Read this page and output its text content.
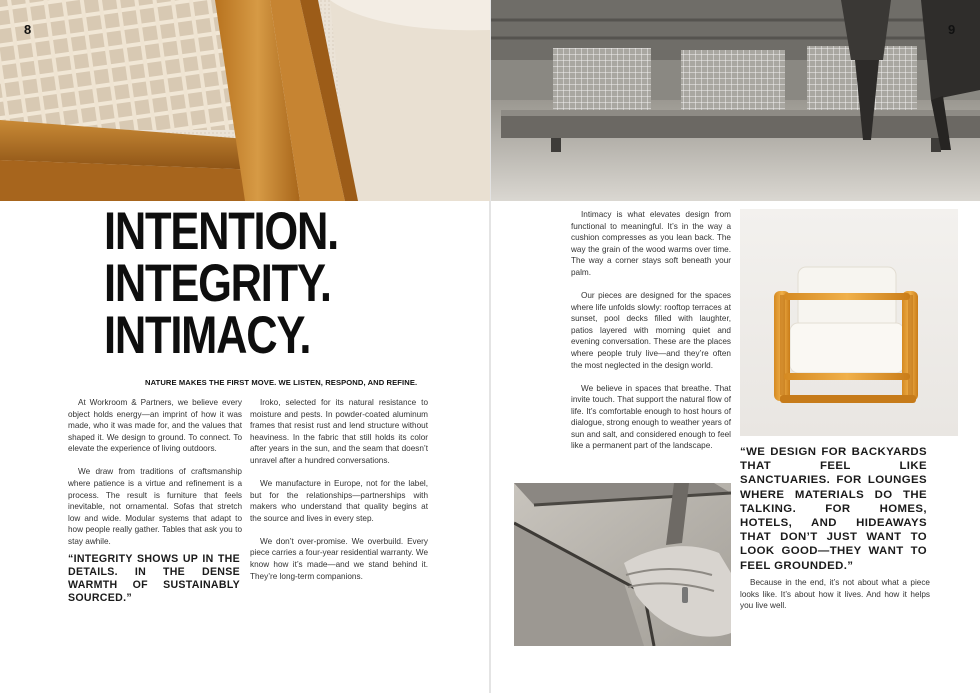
8	9
INTENTION.
INTEGRITY.
INTIMACY.
NATURE MAKES THE FIRST MOVE. WE LISTEN, RESPOND, AND REFINE.

At Workroom & Partners, we believe every object holds energy—an imprint of how it was made, who it was made for, and the values that shaped it. We design to ground. To connect. To elevate the experience of living outdoors.

We draw from traditions of craftsmanship where patience is a virtue and refinement is a process. The result is furniture that feels inevitable, not ornamental. Sofas that stretch low and wide. Modular systems that adapt to how people really gather. Tables that ask you to stay awhile.

“INTEGRITY SHOWS UP IN THE DETAILS. IN THE DENSE WARMTH OF SUSTAINABLY SOURCED.”

Iroko, selected for its natural resistance to moisture and pests. In powder-coated aluminum frames that resist rust and lend structure without heaviness. In the fabric that still holds its color after years in the sun, and the seam that doesn’t unravel after a hundred conversations.

We manufacture in Europe, not for the label, but for the relationships—partnerships with makers who understand that quality begins at the source and lives in every step.

We don’t over-promise. We overbuild. Every piece carries a four-year residential warranty. We know how it’s made—and we stand behind it. They’re long-term companions.

Intimacy is what elevates design from functional to meaningful. It’s in the way a cushion compresses as you lean back. The way the grain of the wood warms over time. The way a corner stays soft beneath your palm.

Our pieces are designed for the spaces where life unfolds slowly: rooftop terraces at sunset, pool decks filled with laughter, patios layered with morning quiet and evening conversation. These are the places where people truly live—and they’re often the most neglected in the design world.

We believe in spaces that breathe. That invite touch. That support the natural flow of life. It’s comfortable enough to host hours of dialogue, strong enough to weather years of sun and salt, and considered enough to feel like a permanent part of the landscape.

“WE DESIGN FOR BACKYARDS THAT FEEL LIKE SANCTUARIES. FOR LOUNGES WHERE MATERIALS DO THE TALKING. FOR HOMES, HOTELS, AND HIDEAWAYS THAT DON’T JUST WANT TO LOOK GOOD—THEY WANT TO FEEL GROUNDED.”

Because in the end, it’s not about what a piece looks like. It’s about how it lives. And how it helps you live well.
